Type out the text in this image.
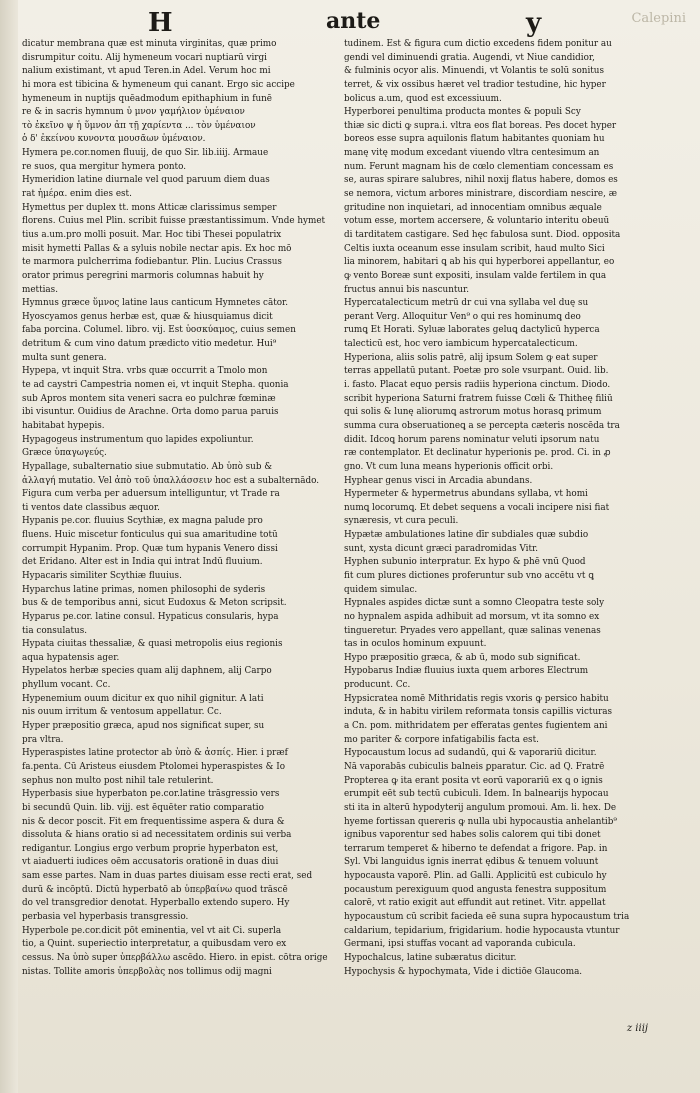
H	ante	y	Calepini
dicatur membrana quæ est minuta virginitas, quæ primo
disrumpitur coitu. Alij hymeneum vocari nuptiarū virgi
nalium existimant, vt apud Teren.in Adel. Verum hoc mi
hi mora est tibicina & hymeneum qui canant. Ergo sic accipe
hymeneum in nuptijs quēadmodum epithaphium in funē
re & in sacris hymnum ὑ μνον γαμήλιον ὑμέναιον
τὸ ἐκεῖνο ψ ἡ ὕμνον ἀπ τῇ χαρίεντα ... τὸν ὑμέναιον
ὁ δ' ἐκείνου κυνοντα μουσᾶων ὑμέναιον.
Hymera pe.cor.nomen fluuij, de quo Sir. lib.iiij. Armaue
re suos, qua mergitur hymera ponto.
Hymeridion latine diurnale vel quod paruum diem duas
rat ἡμέρα. enim dies est.
Hymettus per duplex tt. mons Atticæ clarissimus semper
florens. Cuius mel Plin. scribit fuisse præstantissimum. Vnde hymet
tius a.um.pro molli posuit. Mar. Hoc tibi Thesei populatrix
misit hymetti Pallas & a syluis nobile nectar apis. Ex hoc mō
te marmora pulcherrima fodiebantur. Plin. Lucius Crassus
orator primus peregrini marmoris columnas habuit hy
mettias.
Hymnus græce ὕμνος latine laus canticum Hymnetes cātor.
Hyoscyamos genus herbæ est, quæ & hiusquiamus dicit
faba porcina. Columel. libro. vij. Est ὑοσκύαμος, cuius semen
detritum & cum vino datum prædicto vitio medetur. Hui⁹
multa sunt genera.
Hypepa, vt inquit Stra. vrbs quæ occurrit a Tmolo mon
te ad caystri Campestria nomen ei, vt inquit Stepha. quonia
sub Apros montem sita veneri sacra eo pulchræ fœminæ
ibi visuntur. Ouidius de Arachne. Orta domo parua paruis
habitabat hypepis.
Hypagogeus instrumentum quo lapides expoliuntur.
Græce ὑπαγωγεύς.
Hypallage, subalternatio siue submutatio. Ab ὑπὸ sub &
ἀλλαγή mutatio. Vel ἀπὸ τοῦ ὑπαλλάσσειν hoc est a subalternādo.
Figura cum verba per aduersum intelliguntur, vt Trade ra
ti ventos date classibus æquor.
Hypanis pe.cor. fluuius Scythiæ, ex magna palude pro
fluens. Huic miscetur fonticulus qui sua amaritudine totū
corrumpit Hypanim. Prop. Quæ tum hypanis Venero dissi
det Eridano. Alter est in India qui intrat Indū fluuium.
Hypacaris similiter Scythiæ fluuius.
Hyparchus latine primas, nomen philosophi de syderis
bus & de temporibus anni, sicut Eudoxus & Meton scripsit.
Hyparus pe.cor. latine consul. Hypaticus consularis, hypa
tia consulatus.
Hypata ciuitas thessaliæ, & quasi metropolis eius regionis
aqua hypatensis ager.
Hypelatos herbæ species quam alij daphnem, alij Carpo
phyllum vocant. Cc.
Hypenemium ouum dicitur ex quo nihil gignitur. A lati
nis ouum irritum & ventosum appellatur. Cc.
Hyper præpositio græca, apud nos significat super, su
pra vltra.
Hyperaspistes latine protector ab ὑπὸ & ἀσπίς. Hier. i præf
fa.penta. Cū Aristeus eiusdem Ptolomei hyperaspistes & Io
sephus non multo post nihil tale retulerint.
Hyperbasis siue hyperbaton pe.cor.latine trāsgressio vers
bi secundū Quin. lib. vijj. est ēquēter ratio comparatio
nis & decor poscit. Fit em frequentissime aspera & dura &
dissoluta & hians oratio si ad necessitatem ordinis sui verba
redigantur. Longius ergo verbum proprie hyperbaton est,
vt aiaduerti iudices oēm accusatoris orationē in duas diui
sam esse partes. Nam in duas partes diuisam esse recti erat, sed
durū & incōptū. Dictū hyperbatō ab ὑπερβαίνω quod trāscē
do vel transgredior denotat. Hyperballo extendo supero. Hy
perbasia vel hyperbasis transgressio.
Hyperbole pe.cor.dicit pōt eminentia, vel vt ait Ci. superla
tio, a Quint. superiectio interpretatur, a quibusdam vero ex
cessus. Na ὑπὸ super ὑπερβάλλω ascēdo. Hiero. in epist. cōtra orige
nistas. Tollite amoris ὑπερβολὰς nos tollimus odij magni
tudinem. Est & figura cum dictio excedens fidem ponitur au
gendi vel diminuendi gratia. Augendi, vt Niue candidior,
& fulminis ocyor alis. Minuendi, vt Volantis te solū sonitus
terret, & vix ossibus hæret vel tradior testudine, hic hyper
bolicus a.um, quod est excessiuum.
Hyperborei penultima producta montes & populi Scy
thiæ sic dicti ꝙ supra.i. vltra eos flat boreas. Pes docet hyper
boreos esse supra aquilonis flatum habitantes quoniam hu
manę vitę modum excedant viuendo vltra centesimum an
num. Ferunt magnam his de cœlo clementiam concessam es
se, auras spirare salubres, nihil noxij flatus habere, domos es
se nemora, victum arbores ministrare, discordiam nescire, æ
gritudine non inquietari, ad innocentiam omnibus æquale
votum esse, mortem accersere, & voluntario interitu obeuū
di tarditatem castigare. Sed hęc fabulosa sunt. Diod. opposita
Celtis iuxta oceanum esse insulam scribit, haud multo Sici
lia minorem, habitari ꝗ ab his qui hyperborei appellantur, eo
ꝙ vento Boreæ sunt expositi, insulam valde fertilem in qua
fructus annui bis nascuntur.
Hypercatalecticum metrū dr cui vna syllaba vel duę su
perant Verg. Alloquitur Ven⁹ o qui res hominumꝗ deo
rumꝗ Et Horati. Syluæ laborates geluꝗ dactylicū hyperca
talecticū est, hoc vero iambicum hypercatalecticum.
Hyperiona, aliis solis patrē, alij ipsum Solem ꝙ eat super
terras appellatū putant. Poetæ pro sole vsurpant. Ouid. lib.
i. fasto. Placat equo persis radiis hyperiona cinctum. Diodo.
scribit hyperiona Saturni fratrem fuisse Cœli & Thitheę filiū
qui solis & lunę aliorumꝗ astrorum motus horasꝗ primum
summa cura obseruationeꝗ a se percepta cæteris noscēda tra
didit. Idcoꝗ horum parens nominatur veluti ipsorum natu
ræ contemplator. Et declinatur hyperionis pe. prod. Ci. in ꝓ
gno. Vt cum luna means hyperionis officit orbi.
Hyphear genus visci in Arcadia abundans.
Hypermeter & hypermetrus abundans syllaba, vt homi
numꝗ locorumꝗ. Et debet sequens a vocali incipere nisi fiat
synæresis, vt cura peculi.
Hypætæ ambulationes latine dīr subdiales quæ subdio
sunt, xysta dicunt græci paradromidas Vitr.
Hyphen subunio interpratur. Ex hypo & phē vnū Quod
fit cum plures dictiones proferuntur sub vno accētu vt ꝗ
quidem simulac.
Hypnales aspides dictæ sunt a somno Cleopatra teste soly
no hypnalem aspida adhibuit ad morsum, vt ita somno ex
tingueretur. Pryades vero appellant, quæ salinas venenas
tas in oculos hominum expuunt.
Hypo præpositio græca, & ab ū, modo sub significat.
Hypobarus Indiæ fluuius iuxta quem arbores Electrum
producunt. Cc.
Hypsicratea nomē Mithridatis regis vxoris ꝙ persico habitu
induta, & in habitu virilem reformata tonsis capillis victuras
a Cn. pom. mithridatem per efferatas gentes fugientem ani
mo pariter & corpore infatigabilis facta est.
Hypocaustum locus ad sudandū, qui & vaporariū dicitur.
Nā vaporabās cubiculis balneis ꝑparatur. Cic. ad Q. Fratrē
Propterea ꝙ ita erant posita vt eorū vaporariū ex ꝗ o ignis
erumpit eēt sub tectū cubiculi. Idem. In balnearijs hypocau
sti ita in alterū hypodyterij angulum promoui. Am. li. hex. De
hyeme fortissan quereris ꝙ nulla ubi hypocaustia anhelantib⁹
ignibus vaporentur sed habes solis calorem qui tibi donet
terrarum temperet & hiberno te defendat a frigore. Pap. in
Syl. Vbi languidus ignis inerrat ędibus & tenuem voluunt
hypocausta vaporē. Plin. ad Galli. Applicitū est cubiculo hy
pocaustum perexiguum quod angusta fenestra suppositum
calorē, vt ratio exigit aut effundit aut retinet. Vitr. appellat
hypocaustum cū scribit facieda eē suna supra hypocaustum tria
caldarium, tepidarium, frigidarium. hodie hypocausta vtuntur
Germani, ipsi stuffas vocant ad vaporanda cubicula.
Hypochalcus, latine subæratus dicitur.
Hypochysis & hypochymata, Vide i dictiōe Glaucoma.
z iiij
